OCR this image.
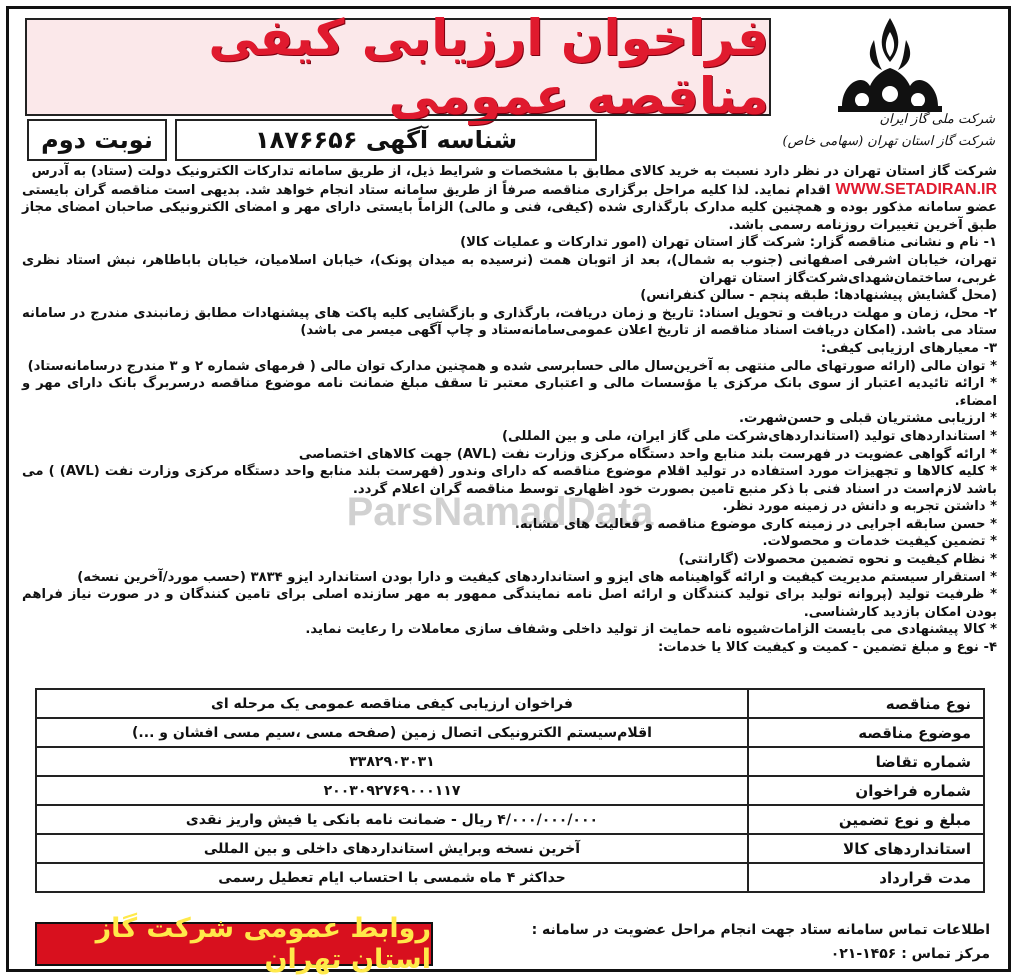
فراخوان ارزیابی کیفی مناقصه عمومی	شرکت ملی گاز ایران
شرکت گاز استان تهران (سهامی خاص)
شناسه آگهی ۱۸۷۶۶۵۶
نوبت دوم

شرکت گاز استان تهران در نظر دارد نسبت به خرید کالای مطابق با مشخصات و شرایط ذیل، از طریق سامانه تدارکات الکترونیک دولت (ستاد) به آدرس

WWW.SETADIRAN.IR اقدام نماید. لذا کلیه مراحل برگزاری مناقصه صرفاً از طریق سامانه ستاد انجام خواهد شد. بدیهی است مناقصه گران بایستی عضو سامانه مذکور بوده و همچنین کلیه مدارک بارگذاری شده (کیفی، فنی و مالی) الزاماً بایستی دارای مهر و امضای الکترونیکی صاحبان امضای مجاز طبق آخرین تغییرات روزنامه رسمی باشد.

۱- نام و نشانی مناقصه گزار: شرکت گاز استان تهران (امور تدارکات و عملیات کالا)

تهران، خیابان اشرفی اصفهانی (جنوب به شمال)، بعد از اتوبان همت (نرسیده به میدان پونک)، خیابان اسلامیان، خیابان باباطاهر، نبش استاد نظری غربی، ساختمان‌شهدای‌شرکت‌گاز استان تهران

(محل گشایش پیشنهادها: طبقه پنجم - سالن کنفرانس)

۲- محل، زمان و مهلت دریافت و تحویل اسناد: تاریخ و زمان دریافت، بارگذاری و بازگشایی کلیه پاکت های پیشنهادات مطابق زمانبندی مندرج در سامانه ستاد می باشد. (امکان دریافت اسناد مناقصه از تاریخ اعلان عمومی‌سامانه‌ستاد و چاپ آگهی میسر می باشد)

۳- معیارهای ارزیابی کیفی:

* توان مالی (ارائه صورتهای مالی منتهی به آخرین‌سال مالی حسابرسی شده و همچنین مدارک توان مالی ( فرمهای شماره ۲ و ۳ مندرج درسامانه‌ستاد)

* ارائه تائیدیه اعتبار از سوی بانک مرکزی یا مؤسسات مالی و اعتباری معتبر تا سقف مبلغ ضمانت نامه موضوع مناقصه درسربرگ بانک دارای مهر و امضاء.

* ارزیابی مشتریان قبلی و حسن‌شهرت.

* استانداردهای تولید (استانداردهای‌شرکت ملی گاز ایران، ملی و بین المللی)

* ارائه گواهی عضویت در فهرست بلند منابع واحد دستگاه مرکزی وزارت نفت (AVL) جهت کالاهای اختصاصی

* کلیه کالاها و تجهیزات مورد استفاده در تولید اقلام موضوع مناقصه که دارای وندور (فهرست بلند منابع واحد دستگاه مرکزی وزارت نفت (AVL) ) می باشد لازم‌است در اسناد فنی با ذکر منبع تامین بصورت خود اظهاری توسط مناقصه گران اعلام گردد.

* داشتن تجربه و دانش در زمینه مورد نظر.

* حسن سابقه اجرایی در زمینه کاری موضوع مناقصه و فعالیت های مشابه.

* تضمین کیفیت خدمات و محصولات.

* نظام کیفیت و نحوه تضمین محصولات (گارانتی)

* استقرار سیستم مدیریت کیفیت و ارائه گواهینامه های ایزو و استانداردهای کیفیت و دارا بودن استاندارد ایزو ۳۸۳۴ (حسب مورد/آخرین نسخه)

* ظرفیت تولید (پروانه تولید برای تولید کنندگان و ارائه اصل نامه نمایندگی ممهور به مهر سازنده اصلی برای تامین کنندگان و در صورت نیاز فراهم بودن امکان بازدید کارشناسی.

* کالا پیشنهادی می بایست الزامات‌شیوه نامه حمایت از تولید داخلی و‌شفاف سازی معاملات را رعایت نماید.

۴- نوع و مبلغ تضمین - کمیت و کیفیت کالا یا خدمات:

ParsNamadData
نوع مناقصه	فراخوان ارزیابی کیفی مناقصه عمومی یک مرحله ای
موضوع مناقصه	اقلام‌سیستم الکترونیکی اتصال زمین (صفحه مسی ،سیم مسی افشان و ...)
شماره تقاضا	۳۳۸۲۹۰۳۰۳۱
شماره فراخوان	۲۰۰۳۰۹۲۷۶۹۰۰۰۱۱۷
مبلغ و نوع تضمین	۴/۰۰۰/۰۰۰/۰۰۰ ریال - ضمانت نامه بانکی یا فیش واریز نقدی
استانداردهای کالا	آخرین نسخه وبرایش استانداردهای داخلی و بین المللی
مدت قرارداد	حداکثر ۴ ماه شمسی با احتساب ایام تعطیل رسمی
اطلاعات تماس سامانه ستاد جهت انجام مراحل عضویت در سامانه :
مرکز تماس : ۱۴۵۶-۰۲۱
روابط عمومی شرکت گاز استان تهران
